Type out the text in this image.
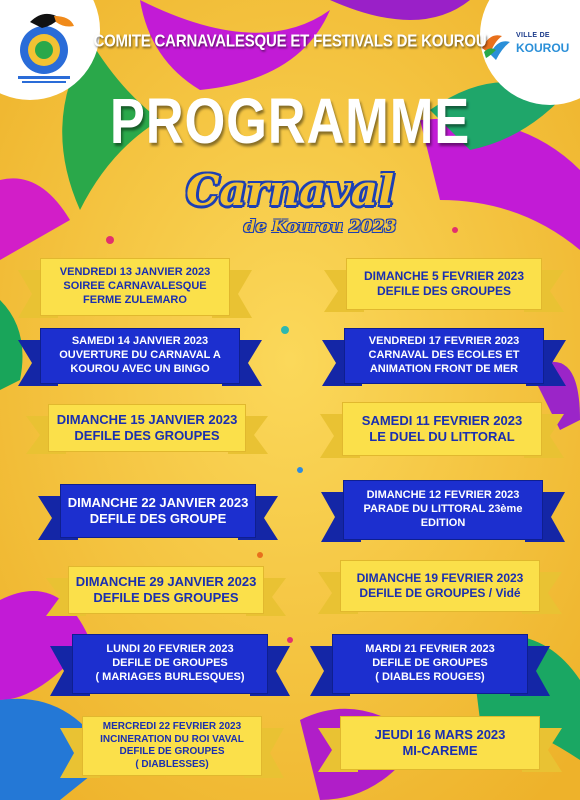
VILLE DE
KOUROU
COMITE CARNAVALESQUE ET FESTIVALS DE KOUROU
PROGRAMME
Carnaval
de Kourou 2023
VENDREDI 13 JANVIER 2023
SOIREE CARNAVALESQUE
FERME ZULEMARO
SAMEDI 14 JANVIER 2023
OUVERTURE DU CARNAVAL A
KOUROU AVEC UN BINGO
DIMANCHE 15 JANVIER 2023
DEFILE DES GROUPES
DIMANCHE 22 JANVIER 2023
DEFILE DES GROUPE
DIMANCHE 29 JANVIER 2023
DEFILE DES GROUPES
LUNDI 20 FEVRIER 2023
DEFILE DE GROUPES
( MARIAGES BURLESQUES)
MERCREDI 22 FEVRIER 2023
INCINERATION DU ROI VAVAL
DEFILE DE GROUPES
( DIABLESSES)
DIMANCHE 5 FEVRIER 2023
DEFILE DES GROUPES
VENDREDI 17 FEVRIER 2023
CARNAVAL DES ECOLES ET
ANIMATION FRONT DE MER
SAMEDI 11 FEVRIER 2023
LE DUEL DU LITTORAL
DIMANCHE 12 FEVRIER 2023
PARADE DU LITTORAL 23ème
EDITION
DIMANCHE 19 FEVRIER 2023
DEFILE DE GROUPES / Vidé
MARDI 21 FEVRIER 2023
DEFILE DE GROUPES
( DIABLES ROUGES)
JEUDI 16 MARS 2023
MI-CAREME
